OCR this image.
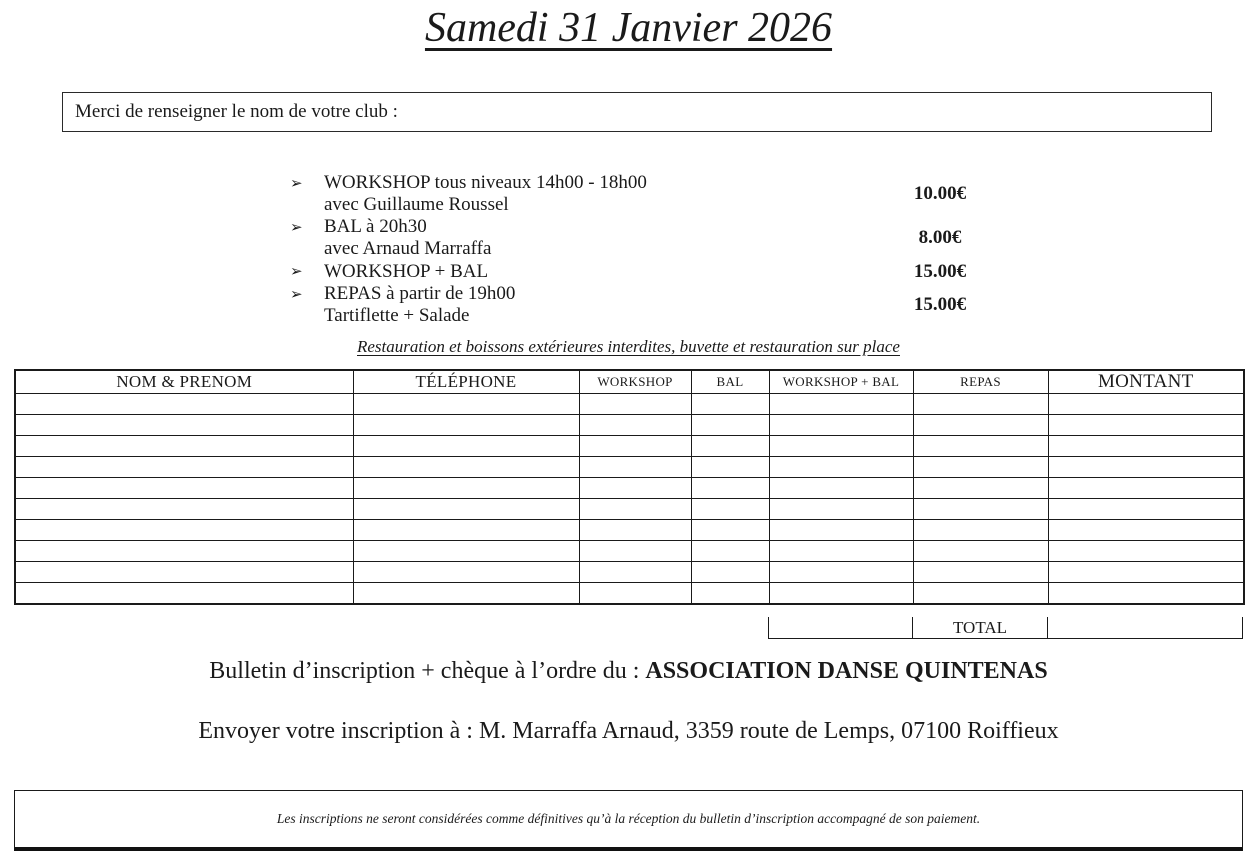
Samedi 31 Janvier 2026
Merci de renseigner le nom de votre club :
➢	WORKSHOP tous niveaux 14h00 - 18h00
avec Guillaume Roussel
10.00€
➢	BAL à 20h30
avec Arnaud Marraffa
8.00€
➢	WORKSHOP + BAL	15.00€
➢	REPAS à partir de 19h00
Tartiflette + Salade
15.00€
Restauration et boissons extérieures interdites, buvette et restauration sur place
NOM & PRENOM	TÉLÉPHONE	WORKSHOP	BAL	WORKSHOP + BAL	REPAS	MONTANT

TOTAL

Bulletin d’inscription + chèque à l’ordre du : ASSOCIATION DANSE QUINTENAS

Envoyer votre inscription à : M. Marraffa Arnaud, 3359 route de Lemps, 07100 Roiffieux

Les inscriptions ne seront considérées comme définitives qu’à la réception du bulletin d’inscription accompagné de son paiement.
